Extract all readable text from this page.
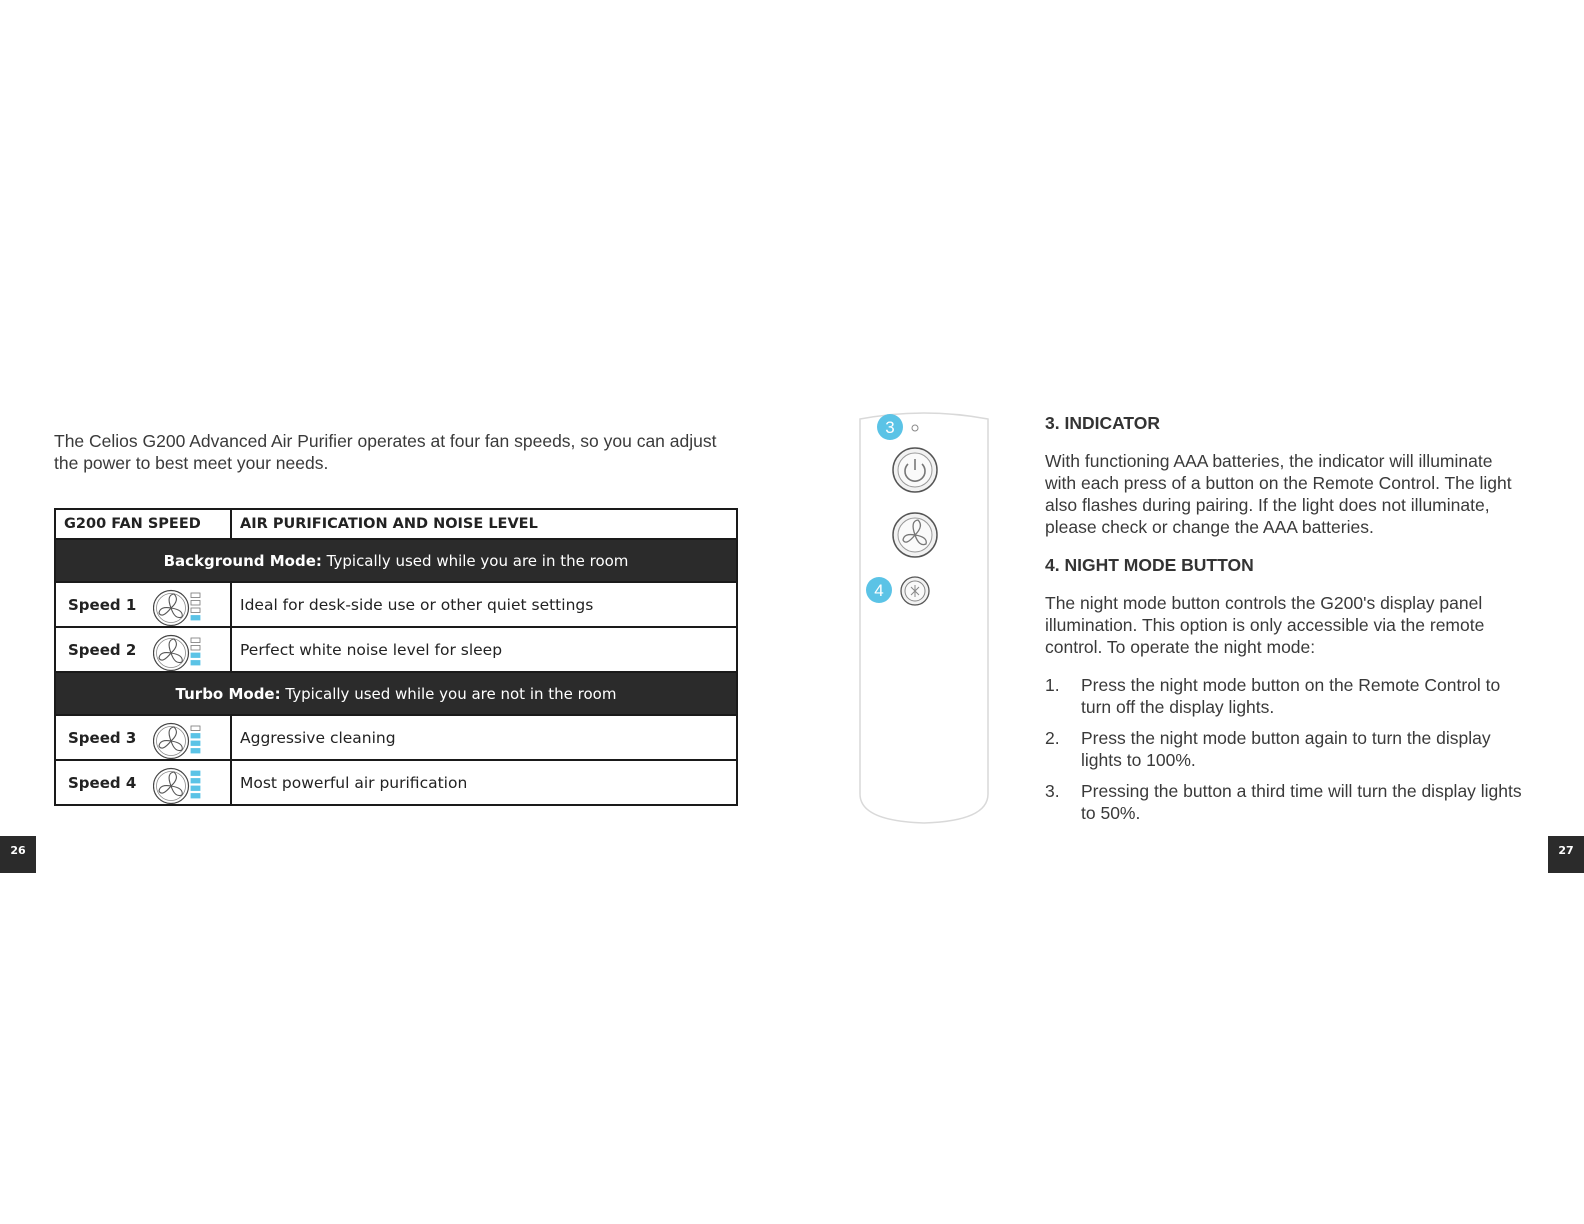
The Celios G200 Advanced Air Purifier operates at four fan speeds, so you can adjust the power to best meet your needs.

G200 FAN SPEED	AIR PURIFICATION AND NOISE LEVEL
Background Mode: Typically used while you are in the room	
Speed 1	Ideal for desk-side use or other quiet settings
Speed 2	Perfect white noise level for sleep
Turbo Mode: Typically used while you are not in the room	
Speed 3	Aggressive cleaning
Speed 4	Most powerful air purification
3
4
3. INDICATOR

With functioning AAA batteries, the indicator will illuminate with each press of a button on the Remote Control. The light also flashes during pairing. If the light does not illuminate, please check or change the AAA batteries.

4. NIGHT MODE BUTTON

The night mode button controls the G200's display panel illumination. This option is only accessible via the remote control. To operate the night mode:

1. Press the night mode button on the Remote Control to turn off the display lights.
2. Press the night mode button again to turn the display lights to 100%.
3. Pressing the button a third time will turn the display lights to 50%.
26	27
